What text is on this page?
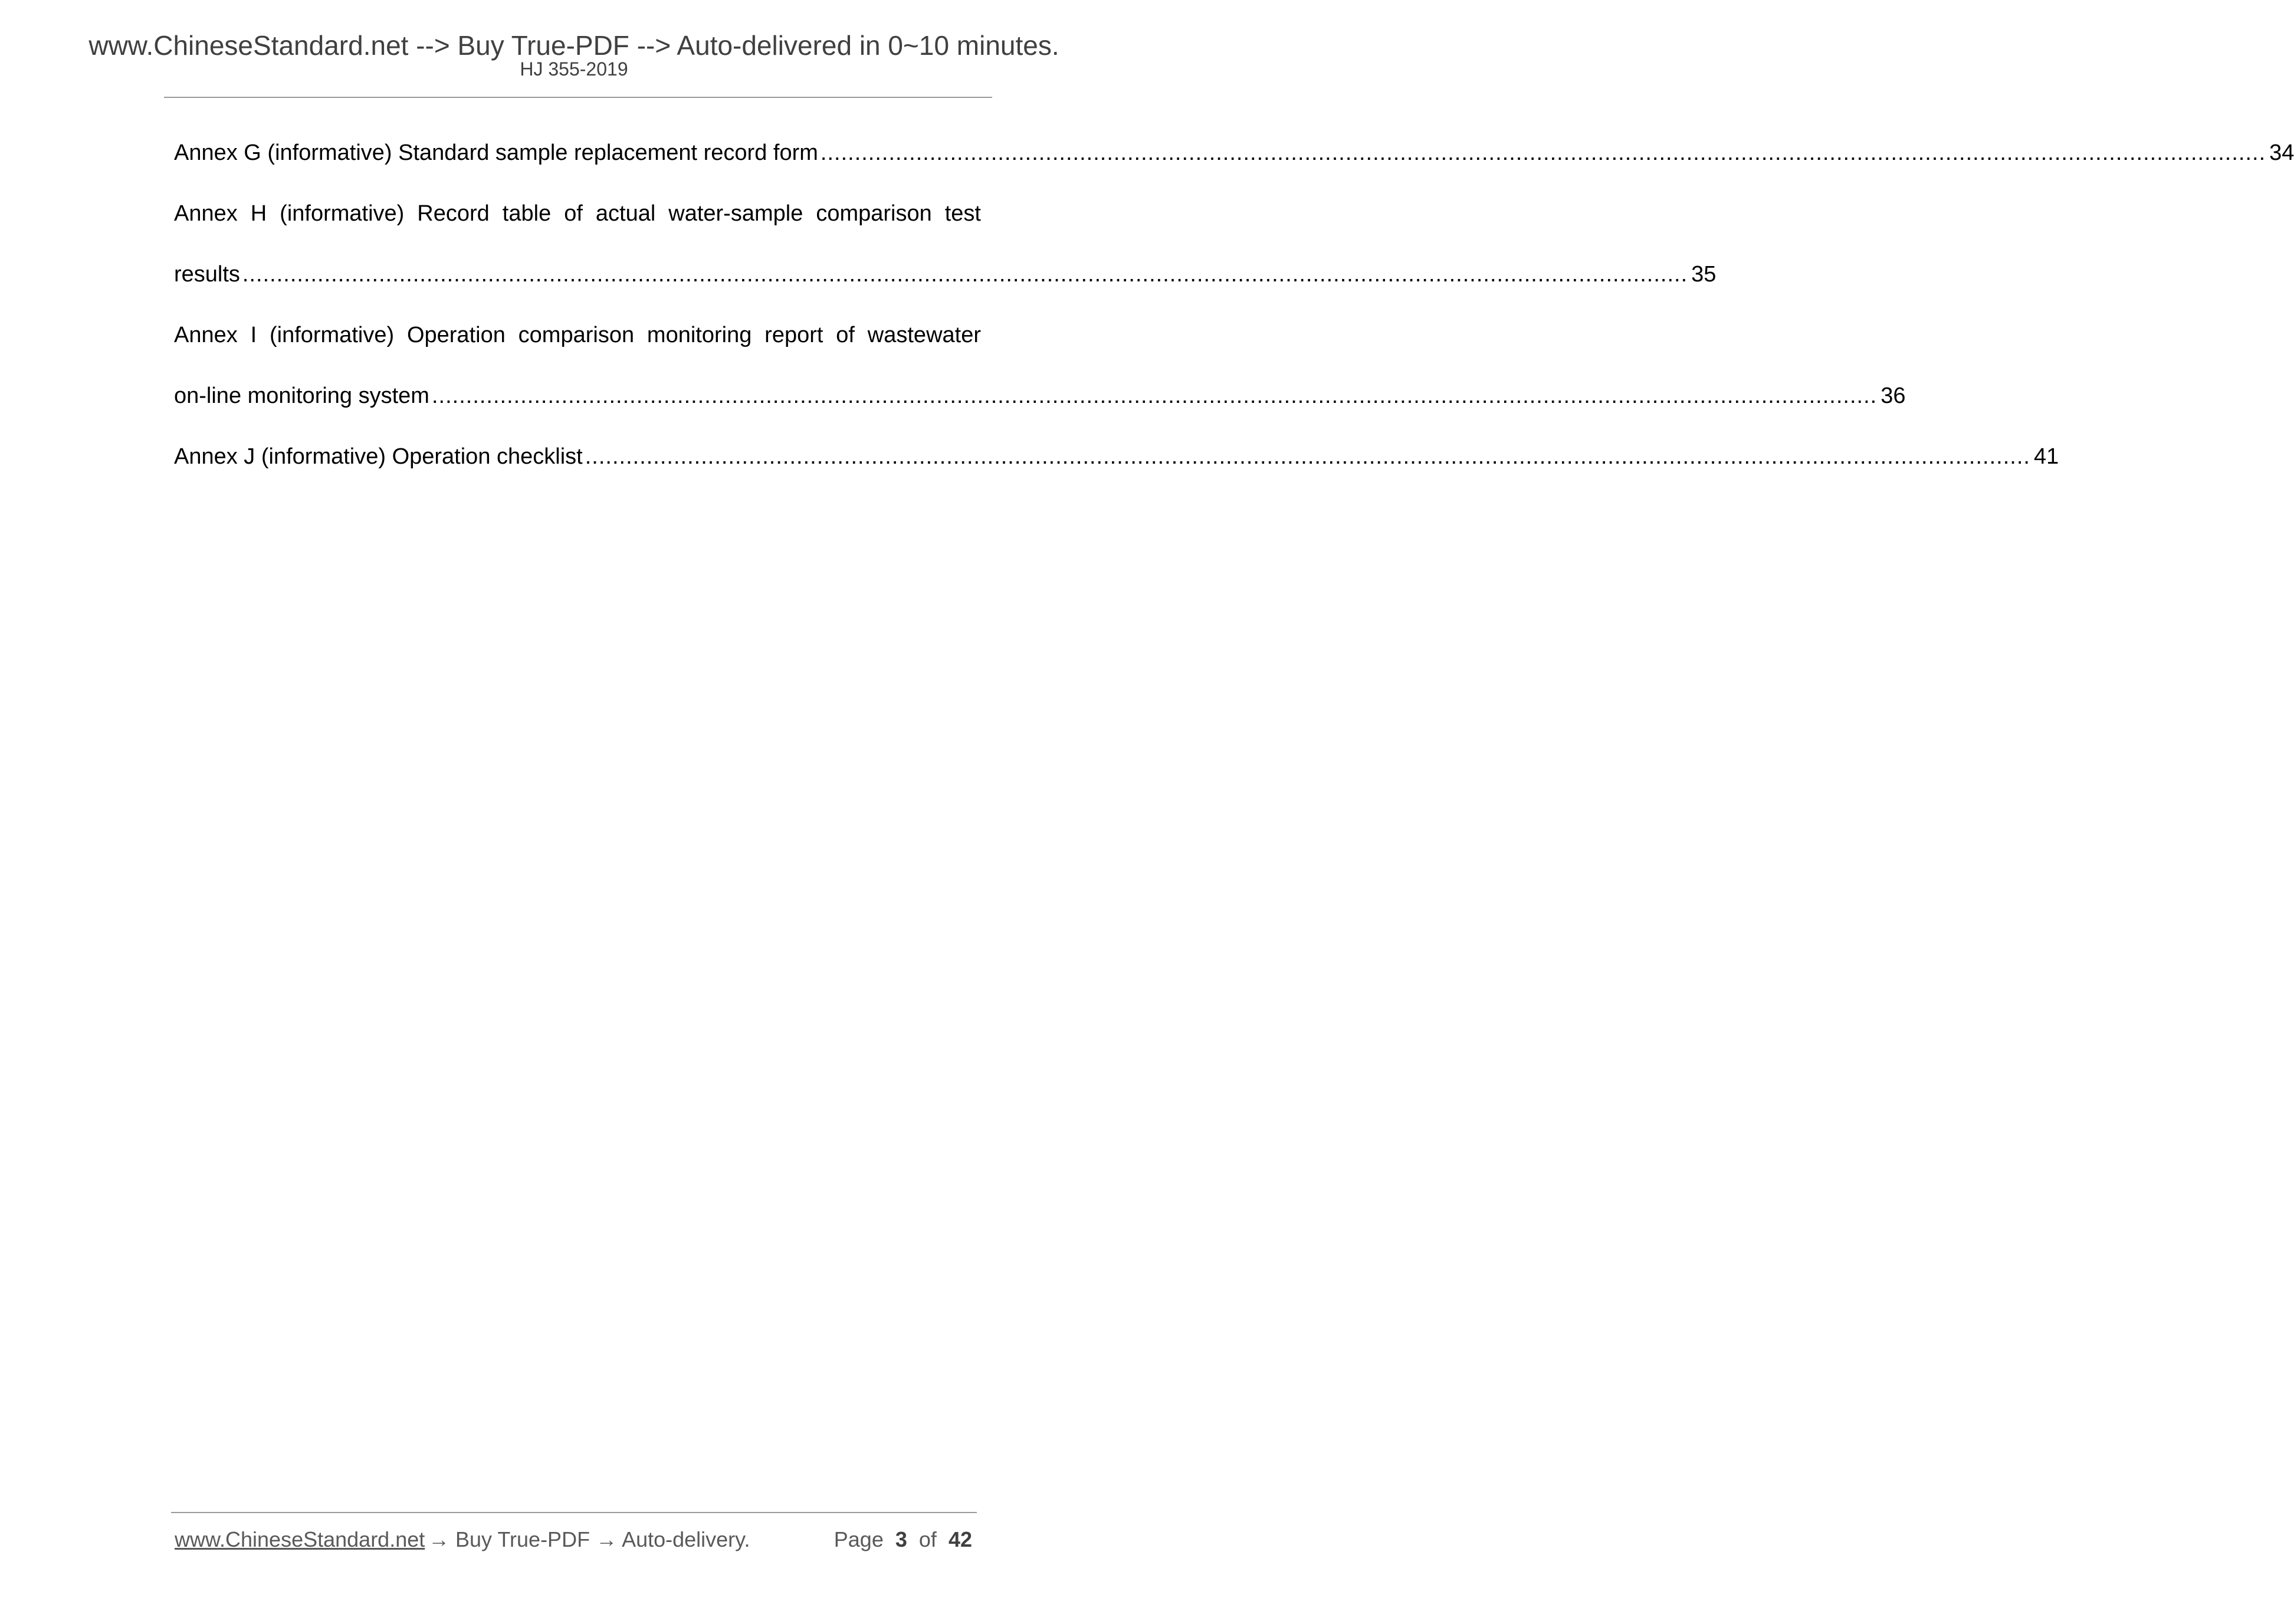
www.ChineseStandard.net --> Buy True-PDF --> Auto-delivered in 0~10 minutes.
HJ 355-2019
Annex G (informative) Standard sample replacement record form .................................................................................................................................................................................................................... 34
Annex H (informative) Record table of actual water-sample comparison test
results .................................................................................................................................................................................................................... 35
Annex I (informative) Operation comparison monitoring report of wastewater
on-line monitoring system .................................................................................................................................................................................................................... 36
Annex J (informative) Operation checklist .................................................................................................................................................................................................................... 41
www.ChineseStandard.net → Buy True-PDF → Auto-delivery.	Page 3 of 42
